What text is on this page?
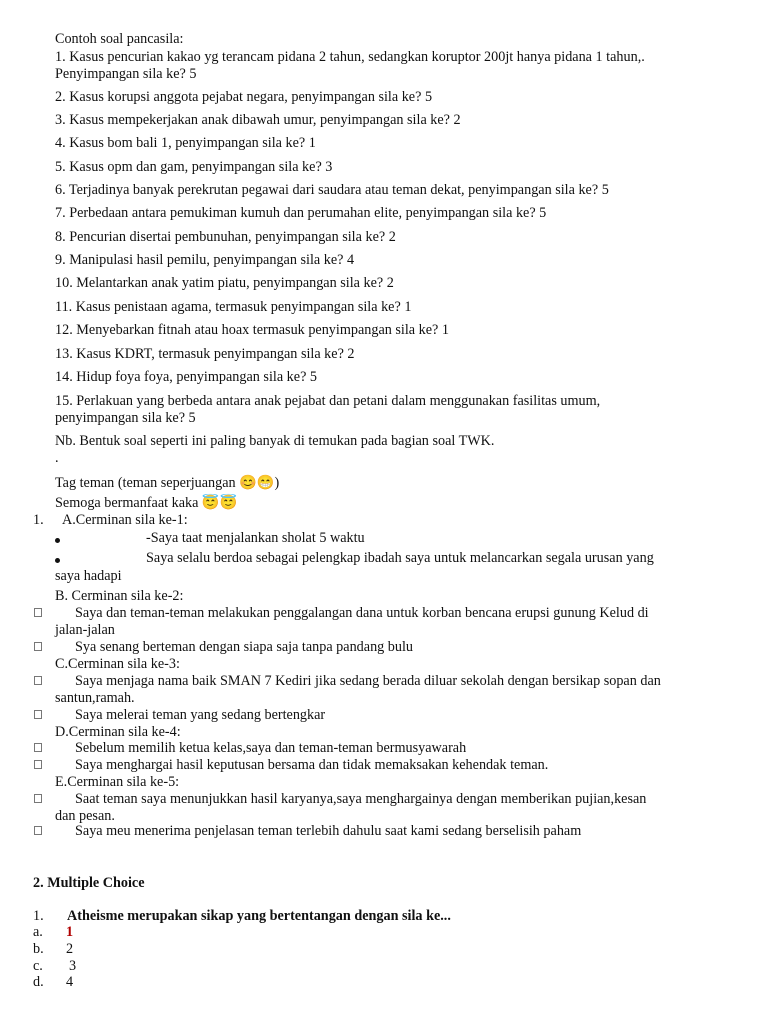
Contoh soal pancasila:
1. Kasus pencurian kakao yg terancam pidana 2 tahun, sedangkan koruptor 200jt hanya pidana 1 tahun,.
Penyimpangan sila ke? 5
2. Kasus korupsi anggota pejabat negara, penyimpangan sila ke? 5
3. Kasus mempekerjakan anak dibawah umur, penyimpangan sila ke? 2
4. Kasus bom bali 1, penyimpangan sila ke? 1
5. Kasus opm dan gam, penyimpangan sila ke? 3
6. Terjadinya banyak perekrutan pegawai dari saudara atau teman dekat, penyimpangan sila ke? 5
7. Perbedaan antara pemukiman kumuh dan perumahan elite, penyimpangan sila ke? 5
8. Pencurian disertai pembunuhan, penyimpangan sila ke? 2
9. Manipulasi hasil pemilu, penyimpangan sila ke? 4
10. Melantarkan anak yatim piatu, penyimpangan sila ke? 2
11. Kasus penistaan agama, termasuk penyimpangan sila ke? 1
12. Menyebarkan fitnah atau hoax termasuk penyimpangan sila ke? 1
13. Kasus KDRT, termasuk penyimpangan sila ke? 2
14. Hidup foya foya, penyimpangan sila ke? 5
15. Perlakuan yang berbeda antara anak pejabat dan petani dalam menggunakan fasilitas umum,
penyimpangan sila ke? 5
Nb. Bentuk soal seperti ini paling banyak di temukan pada bagian soal TWK.
.
Tag teman (teman seperjuangan 😊😁)
Semoga bermanfaat kaka 😇😇
1. A.Cerminan sila ke-1:
-Saya taat menjalankan sholat 5 waktu
Saya selalu berdoa sebagai pelengkap ibadah saya untuk melancarkan segala urusan yang
saya hadapi
B. Cerminan sila ke-2:
Saya dan teman-teman melakukan penggalangan dana untuk korban bencana erupsi gunung Kelud di
jalan-jalan
Sya senang berteman dengan siapa saja tanpa pandang bulu
C.Cerminan sila ke-3:
Saya menjaga nama baik SMAN 7 Kediri jika sedang berada diluar sekolah dengan bersikap sopan dan
santun,ramah.
Saya melerai teman yang sedang bertengkar
D.Cerminan sila ke-4:
Sebelum memilih ketua kelas,saya dan teman-teman bermusyawarah
Saya menghargai hasil keputusan bersama dan tidak memaksakan kehendak teman.
E.Cerminan sila ke-5:
Saat teman saya menunjukkan hasil karyanya,saya menghargainya dengan memberikan pujian,kesan
dan pesan.
Saya meu menerima penjelasan teman terlebih dahulu saat kami sedang berselisih paham
2. Multiple Choice
1. Atheisme merupakan sikap yang bertentangan dengan sila ke...
a. 1
b. 2
c. 3
d. 4
